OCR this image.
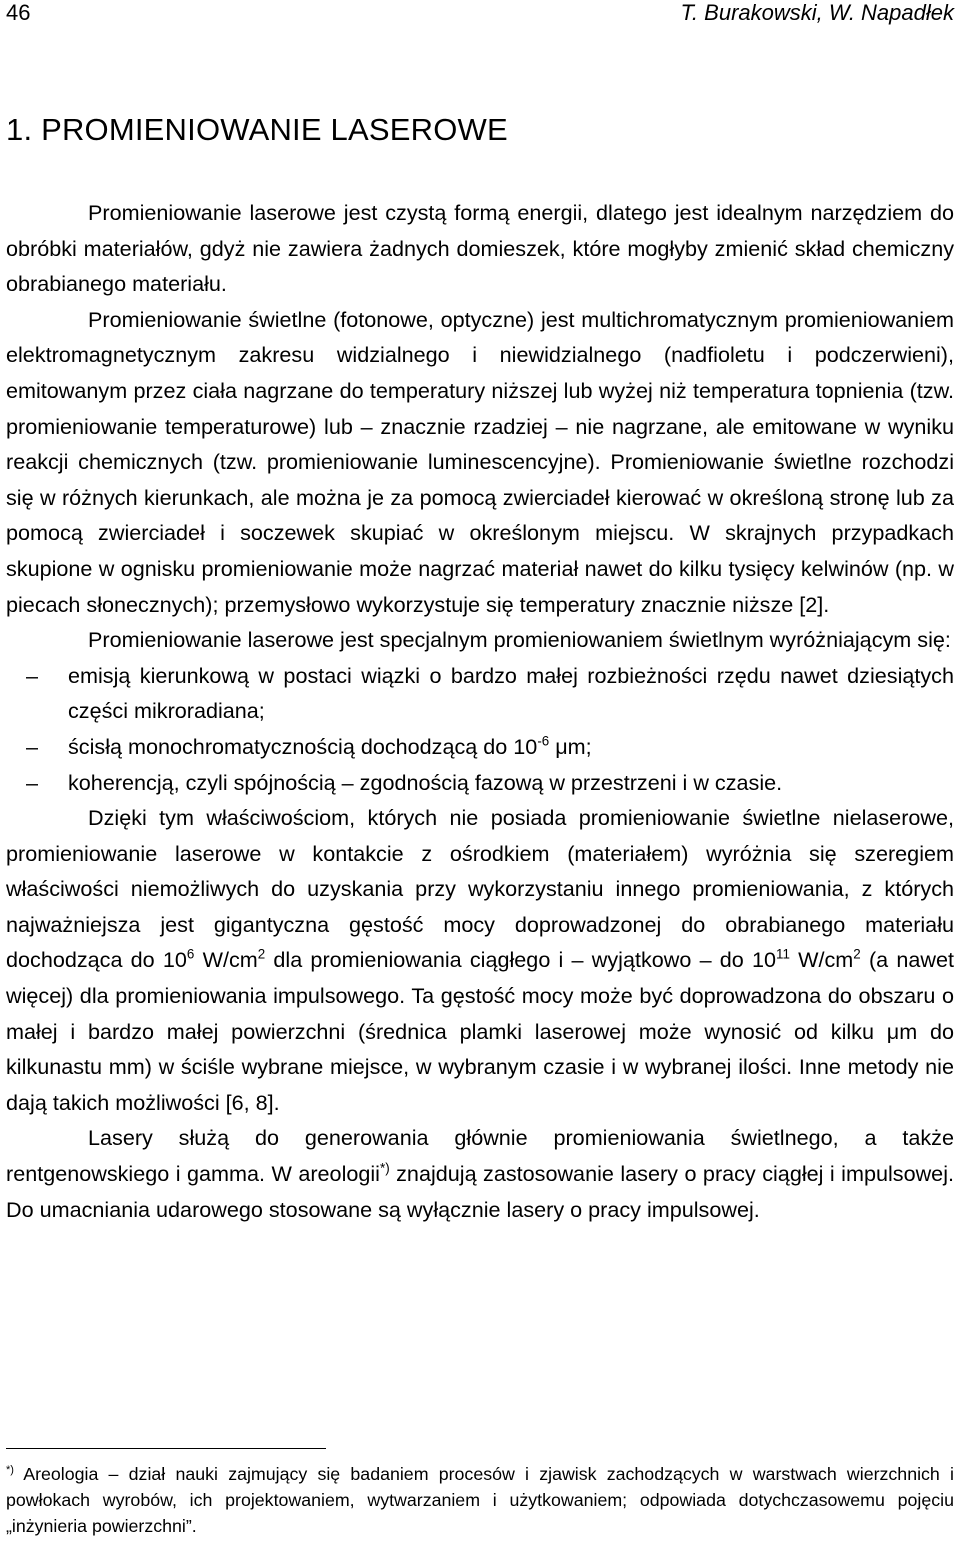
46	T. Burakowski, W. Napadłek
1. PROMIENIOWANIE LASEROWE

Promieniowanie laserowe jest czystą formą energii, dlatego jest idealnym narzędziem do obróbki materiałów, gdyż nie zawiera żadnych domieszek, które mogłyby zmienić skład chemiczny obrabianego materiału.

Promieniowanie świetlne (fotonowe, optyczne) jest multichromatycznym promieniowaniem elektromagnetycznym zakresu widzialnego i niewidzialnego (nadfioletu i podczerwieni), emitowanym przez ciała nagrzane do temperatury niższej lub wyżej niż temperatura topnienia (tzw. promieniowanie temperaturowe) lub – znacznie rzadziej – nie nagrzane, ale emitowane w wyniku reakcji chemicznych (tzw. promieniowanie luminescencyjne). Promieniowanie świetlne rozchodzi się w różnych kierunkach, ale można je za pomocą zwierciadeł kierować w określoną stronę lub za pomocą zwierciadeł i soczewek skupiać w określonym miejscu. W skrajnych przypadkach skupione w ognisku promieniowanie może nagrzać materiał nawet do kilku tysięcy kelwinów (np. w piecach słonecznych); przemysłowo wykorzystuje się temperatury znacznie niższe [2].

Promieniowanie laserowe jest specjalnym promieniowaniem świetlnym wyróżniającym się:

– emisją kierunkową w postaci wiązki o bardzo małej rozbieżności rzędu nawet dziesiątych części mikroradiana;
– ścisłą monochromatycznością dochodzącą do $10^{-6}$ μm;
– koherencją, czyli spójnością – zgodnością fazową w przestrzeni i w czasie.

Dzięki tym właściwościom, których nie posiada promieniowanie świetlne nielaserowe, promieniowanie laserowe w kontakcie z ośrodkiem (materiałem) wyróżnia się szeregiem właściwości niemożliwych do uzyskania przy wykorzystaniu innego promieniowania, z których najważniejsza jest gigantyczna gęstość mocy doprowadzonej do obrabianego materiału dochodząca do $10^6$ $W/cm^2$ dla promieniowania ciągłego i – wyjątkowo – do $10^{11}$ $W/cm^2$ (a nawet więcej) dla promieniowania impulsowego. Ta gęstość mocy może być doprowadzona do obszaru o małej i bardzo małej powierzchni (średnica plamki laserowej może wynosić od kilku μm do kilkunastu mm) w ściśle wybrane miejsce, w wybranym czasie i w wybranej ilości. Inne metody nie dają takich możliwości [6, 8].

Lasery służą do generowania głównie promieniowania świetlnego, a także rentgenowskiego i gamma. W areologii*) znajdują zastosowanie lasery o pracy ciągłej i impulsowej. Do umacniania udarowego stosowane są wyłącznie lasery o pracy impulsowej.

*) Areologia – dział nauki zajmujący się badaniem procesów i zjawisk zachodzących w warstwach wierzchnich i powłokach wyrobów, ich projektowaniem, wytwarzaniem i użytkowaniem; odpowiada dotychczasowemu pojęciu „inżynieria powierzchni”.
